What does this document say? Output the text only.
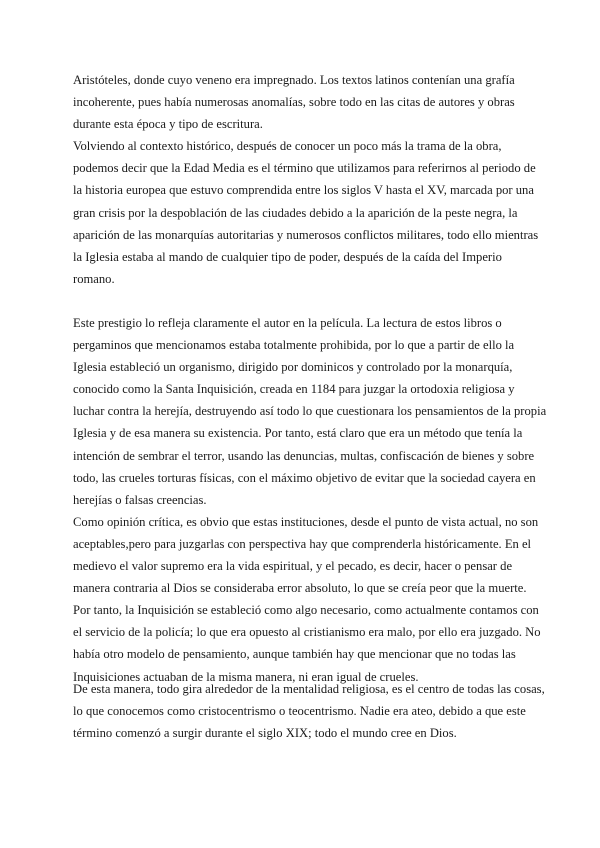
Aristóteles, donde cuyo veneno era impregnado. Los textos latinos contenían una grafía
incoherente, pues había numerosas anomalías, sobre todo en las citas de autores y obras
durante esta época y tipo de escritura.
Volviendo al contexto histórico, después de conocer un poco más la trama de la obra,
podemos decir que la Edad Media es el término que utilizamos para referirnos al periodo de
la historia europea que estuvo comprendida entre los siglos V hasta el XV, marcada por una
gran crisis por la despoblación de las ciudades debido a la aparición de la peste negra, la
aparición de las monarquías autoritarias y numerosos conflictos militares, todo ello mientras
la Iglesia estaba al mando de cualquier tipo de poder, después de la caída del Imperio
romano.
Este prestigio lo refleja claramente el autor en la película. La lectura de estos libros o
pergaminos que mencionamos estaba totalmente prohibida, por lo que a partir de ello la
Iglesia estableció un organismo, dirigido por dominicos y controlado por la monarquía,
conocido como la Santa Inquisición, creada en 1184 para juzgar la ortodoxia religiosa y
luchar contra la herejía, destruyendo así todo lo que cuestionara los pensamientos de la propia
Iglesia y de esa manera su existencia. Por tanto, está claro que era un método que tenía la
intención de sembrar el terror, usando las denuncias, multas, confiscación de bienes y sobre
todo, las crueles torturas físicas, con el máximo objetivo de evitar que la sociedad cayera en
herejías o falsas creencias.
Como opinión crítica, es obvio que estas instituciones, desde el punto de vista actual, no son
aceptables,pero para juzgarlas con perspectiva hay que comprenderla históricamente. En el
medievo el valor supremo era la vida espiritual, y el pecado, es decir, hacer o pensar de
manera contraria al Dios se consideraba error absoluto, lo que se creía peor que la muerte.
Por tanto, la Inquisición se estableció como algo necesario, como actualmente contamos con
el servicio de la policía; lo que era opuesto al cristianismo era malo, por ello era juzgado. No
había otro modelo de pensamiento, aunque también hay que mencionar que no todas las
Inquisiciones actuaban de la misma manera, ni eran igual de crueles.
De esta manera, todo gira alrededor de la mentalidad religiosa, es el centro de todas las cosas,
lo que conocemos como cristocentrismo o teocentrismo. Nadie era ateo, debido a que este
término comenzó a surgir durante el siglo XIX; todo el mundo cree en Dios.
